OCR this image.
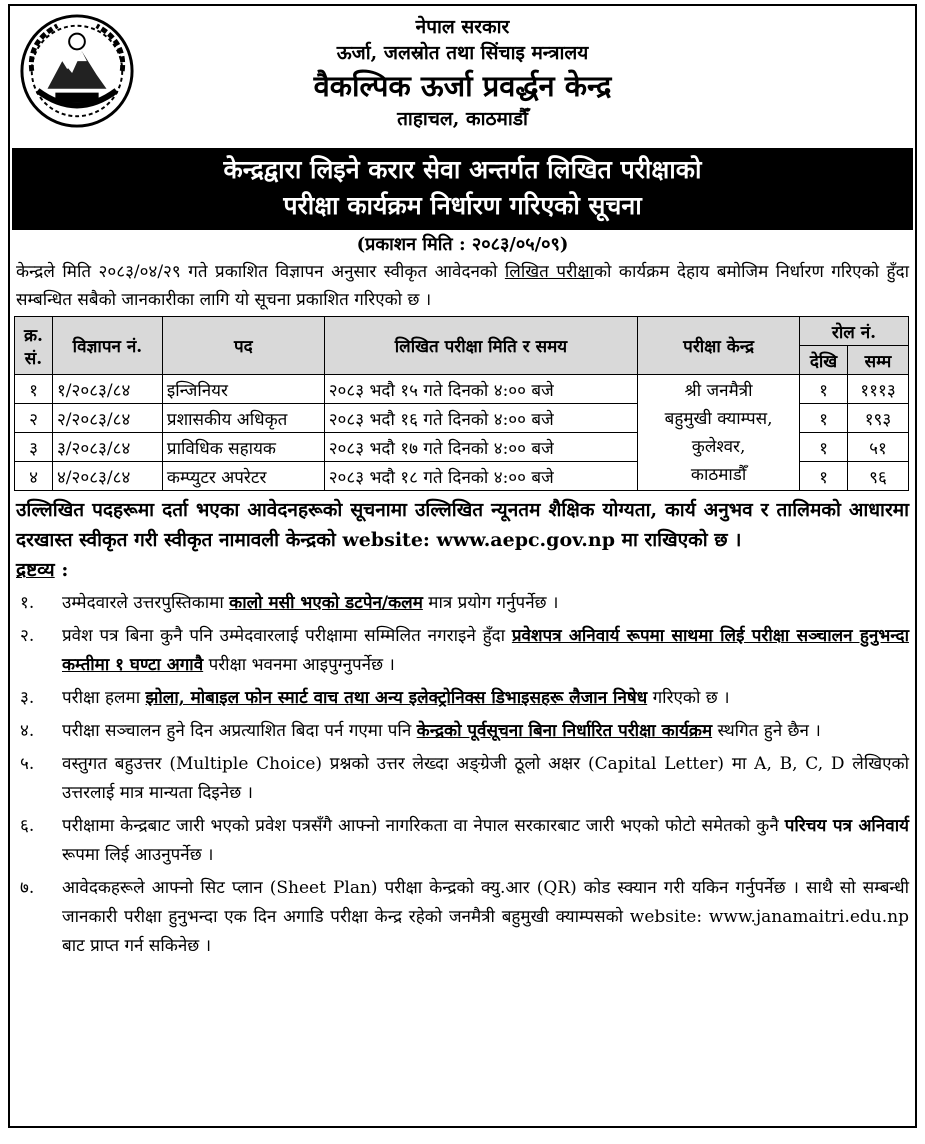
नेपाल सरकार
ऊर्जा, जलस्रोत तथा सिंचाइ मन्त्रालय
वैकल्पिक ऊर्जा प्रवर्द्धन केन्द्र
ताहाचल, काठमाडौँ
केन्द्रद्वारा लिइने करार सेवा अन्तर्गत लिखित परीक्षाको
परीक्षा कार्यक्रम निर्धारण गरिएको सूचना
(प्रकाशन मिति : २०८३/०५/०९)
केन्द्रले मिति २०८३/०४/२९ गते प्रकाशित विज्ञापन अनुसार स्वीकृत आवेदनको लिखित परीक्षाको कार्यक्रम देहाय बमोजिम निर्धारण गरिएको हुँदा सम्बन्धित सबैको जानकारीका लागि यो सूचना प्रकाशित गरिएको छ ।
क्र. सं.	विज्ञापन नं.	पद	लिखित परीक्षा मिति र समय	परीक्षा केन्द्र	रोल नं.	
					देखि	सम्म
१	१/२०८३/८४	इन्जिनियर	२०८३ भदौ १५ गते दिनको ४:०० बजे	श्री जनमैत्री
बहुमुखी क्याम्पस,
कुलेश्वर,
काठमाडौँ	१	१११३
२	२/२०८३/८४	प्रशासकीय अधिकृत	२०८३ भदौ १६ गते दिनको ४:०० बजे		१	१९३
३	३/२०८३/८४	प्राविधिक सहायक	२०८३ भदौ १७ गते दिनको ४:०० बजे		१	५१
४	४/२०८३/८४	कम्प्युटर अपरेटर	२०८३ भदौ १८ गते दिनको ४:०० बजे		१	९६
उल्लिखित पदहरूमा दर्ता भएका आवेदनहरूको सूचनामा उल्लिखित न्यूनतम शैक्षिक योग्यता, कार्य अनुभव र तालिमको आधारमा दरखास्त स्वीकृत गरी स्वीकृत नामावली केन्द्रको website: www.aepc.gov.np मा राखिएको छ ।
द्रष्टव्य :
१.	उम्मेदवारले उत्तरपुस्तिकामा कालो मसी भएको डटपेन/कलम मात्र प्रयोग गर्नुपर्नेछ ।
२.	प्रवेश पत्र बिना कुनै पनि उम्मेदवारलाई परीक्षामा सम्मिलित नगराइने हुँदा प्रवेशपत्र अनिवार्य रूपमा साथमा लिई परीक्षा सञ्चालन हुनुभन्दा कम्तीमा १ घण्टा अगावै परीक्षा भवनमा आइपुग्नुपर्नेछ ।
३.	परीक्षा हलमा झोला, मोबाइल फोन स्मार्ट वाच तथा अन्य इलेक्ट्रोनिक्स डिभाइसहरू लैजान निषेध गरिएको छ ।
४.	परीक्षा सञ्चालन हुने दिन अप्रत्याशित बिदा पर्न गएमा पनि केन्द्रको पूर्वसूचना बिना निर्धारित परीक्षा कार्यक्रम स्थगित हुने छैन ।
५.	वस्तुगत बहुउत्तर (Multiple Choice) प्रश्नको उत्तर लेख्दा अङ्ग्रेजी ठूलो अक्षर (Capital Letter) मा A, B, C, D लेखिएको उत्तरलाई मात्र मान्यता दिइनेछ ।
६.	परीक्षामा केन्द्रबाट जारी भएको प्रवेश पत्रसँगै आफ्नो नागरिकता वा नेपाल सरकारबाट जारी भएको फोटो समेतको कुनै परिचय पत्र अनिवार्य रूपमा लिई आउनुपर्नेछ ।
७.	आवेदकहरूले आफ्नो सिट प्लान (Sheet Plan) परीक्षा केन्द्रको क्यु.आर (QR) कोड स्क्यान गरी यकिन गर्नुपर्नेछ । साथै सो सम्बन्धी जानकारी परीक्षा हुनुभन्दा एक दिन अगाडि परीक्षा केन्द्र रहेको जनमैत्री बहुमुखी क्याम्पसको website: www.janamaitri.edu.np बाट प्राप्त गर्न सकिनेछ ।
